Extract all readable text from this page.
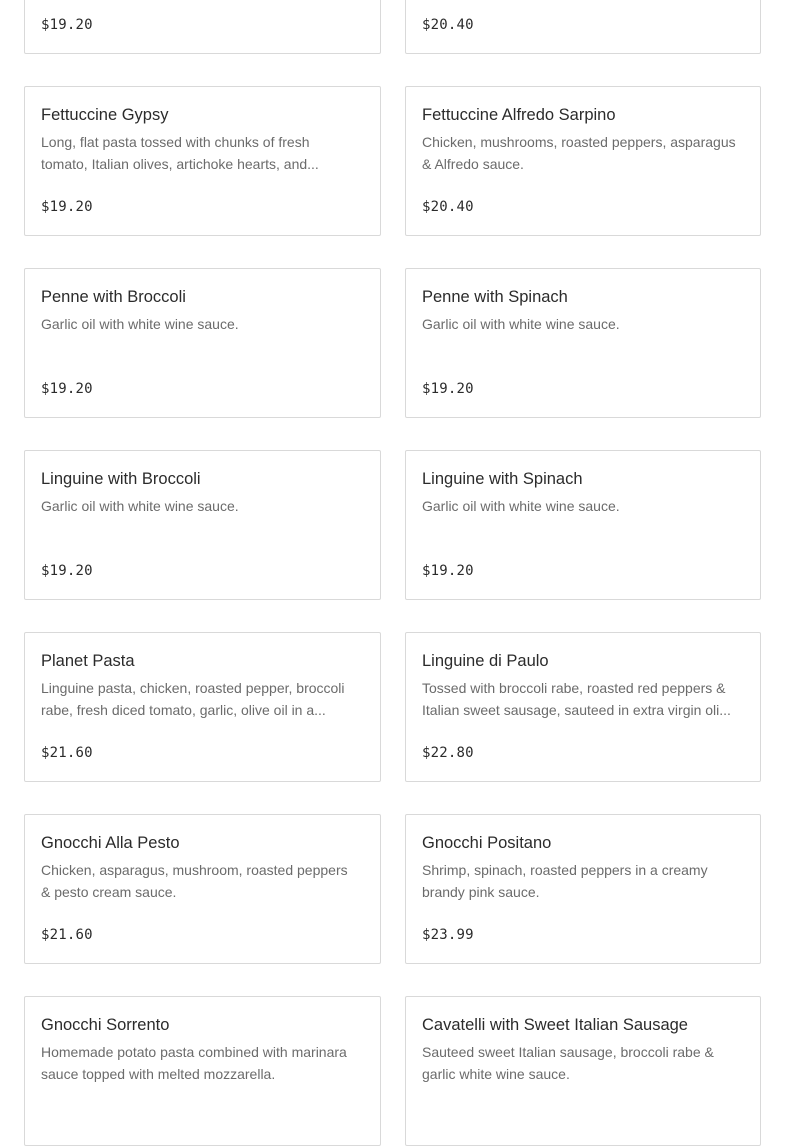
$19.20	$20.40
Fettuccine Gypsy
Long, flat pasta tossed with chunks of fresh tomato, Italian olives, artichoke hearts, and...
$19.20
Fettuccine Alfredo Sarpino
Chicken, mushrooms, roasted peppers, asparagus & Alfredo sauce.
$20.40
Penne with Broccoli
Garlic oil with white wine sauce.
$19.20
Penne with Spinach
Garlic oil with white wine sauce.
$19.20
Linguine with Broccoli
Garlic oil with white wine sauce.
$19.20
Linguine with Spinach
Garlic oil with white wine sauce.
$19.20
Planet Pasta
Linguine pasta, chicken, roasted pepper, broccoli rabe, fresh diced tomato, garlic, olive oil in a...
$21.60
Linguine di Paulo
Tossed with broccoli rabe, roasted red peppers & Italian sweet sausage, sauteed in extra virgin oli...
$22.80
Gnocchi Alla Pesto
Chicken, asparagus, mushroom, roasted peppers & pesto cream sauce.
$21.60
Gnocchi Positano
Shrimp, spinach, roasted peppers in a creamy brandy pink sauce.
$23.99
Gnocchi Sorrento
Homemade potato pasta combined with marinara sauce topped with melted mozzarella.
Cavatelli with Sweet Italian Sausage
Sauteed sweet Italian sausage, broccoli rabe & garlic white wine sauce.
